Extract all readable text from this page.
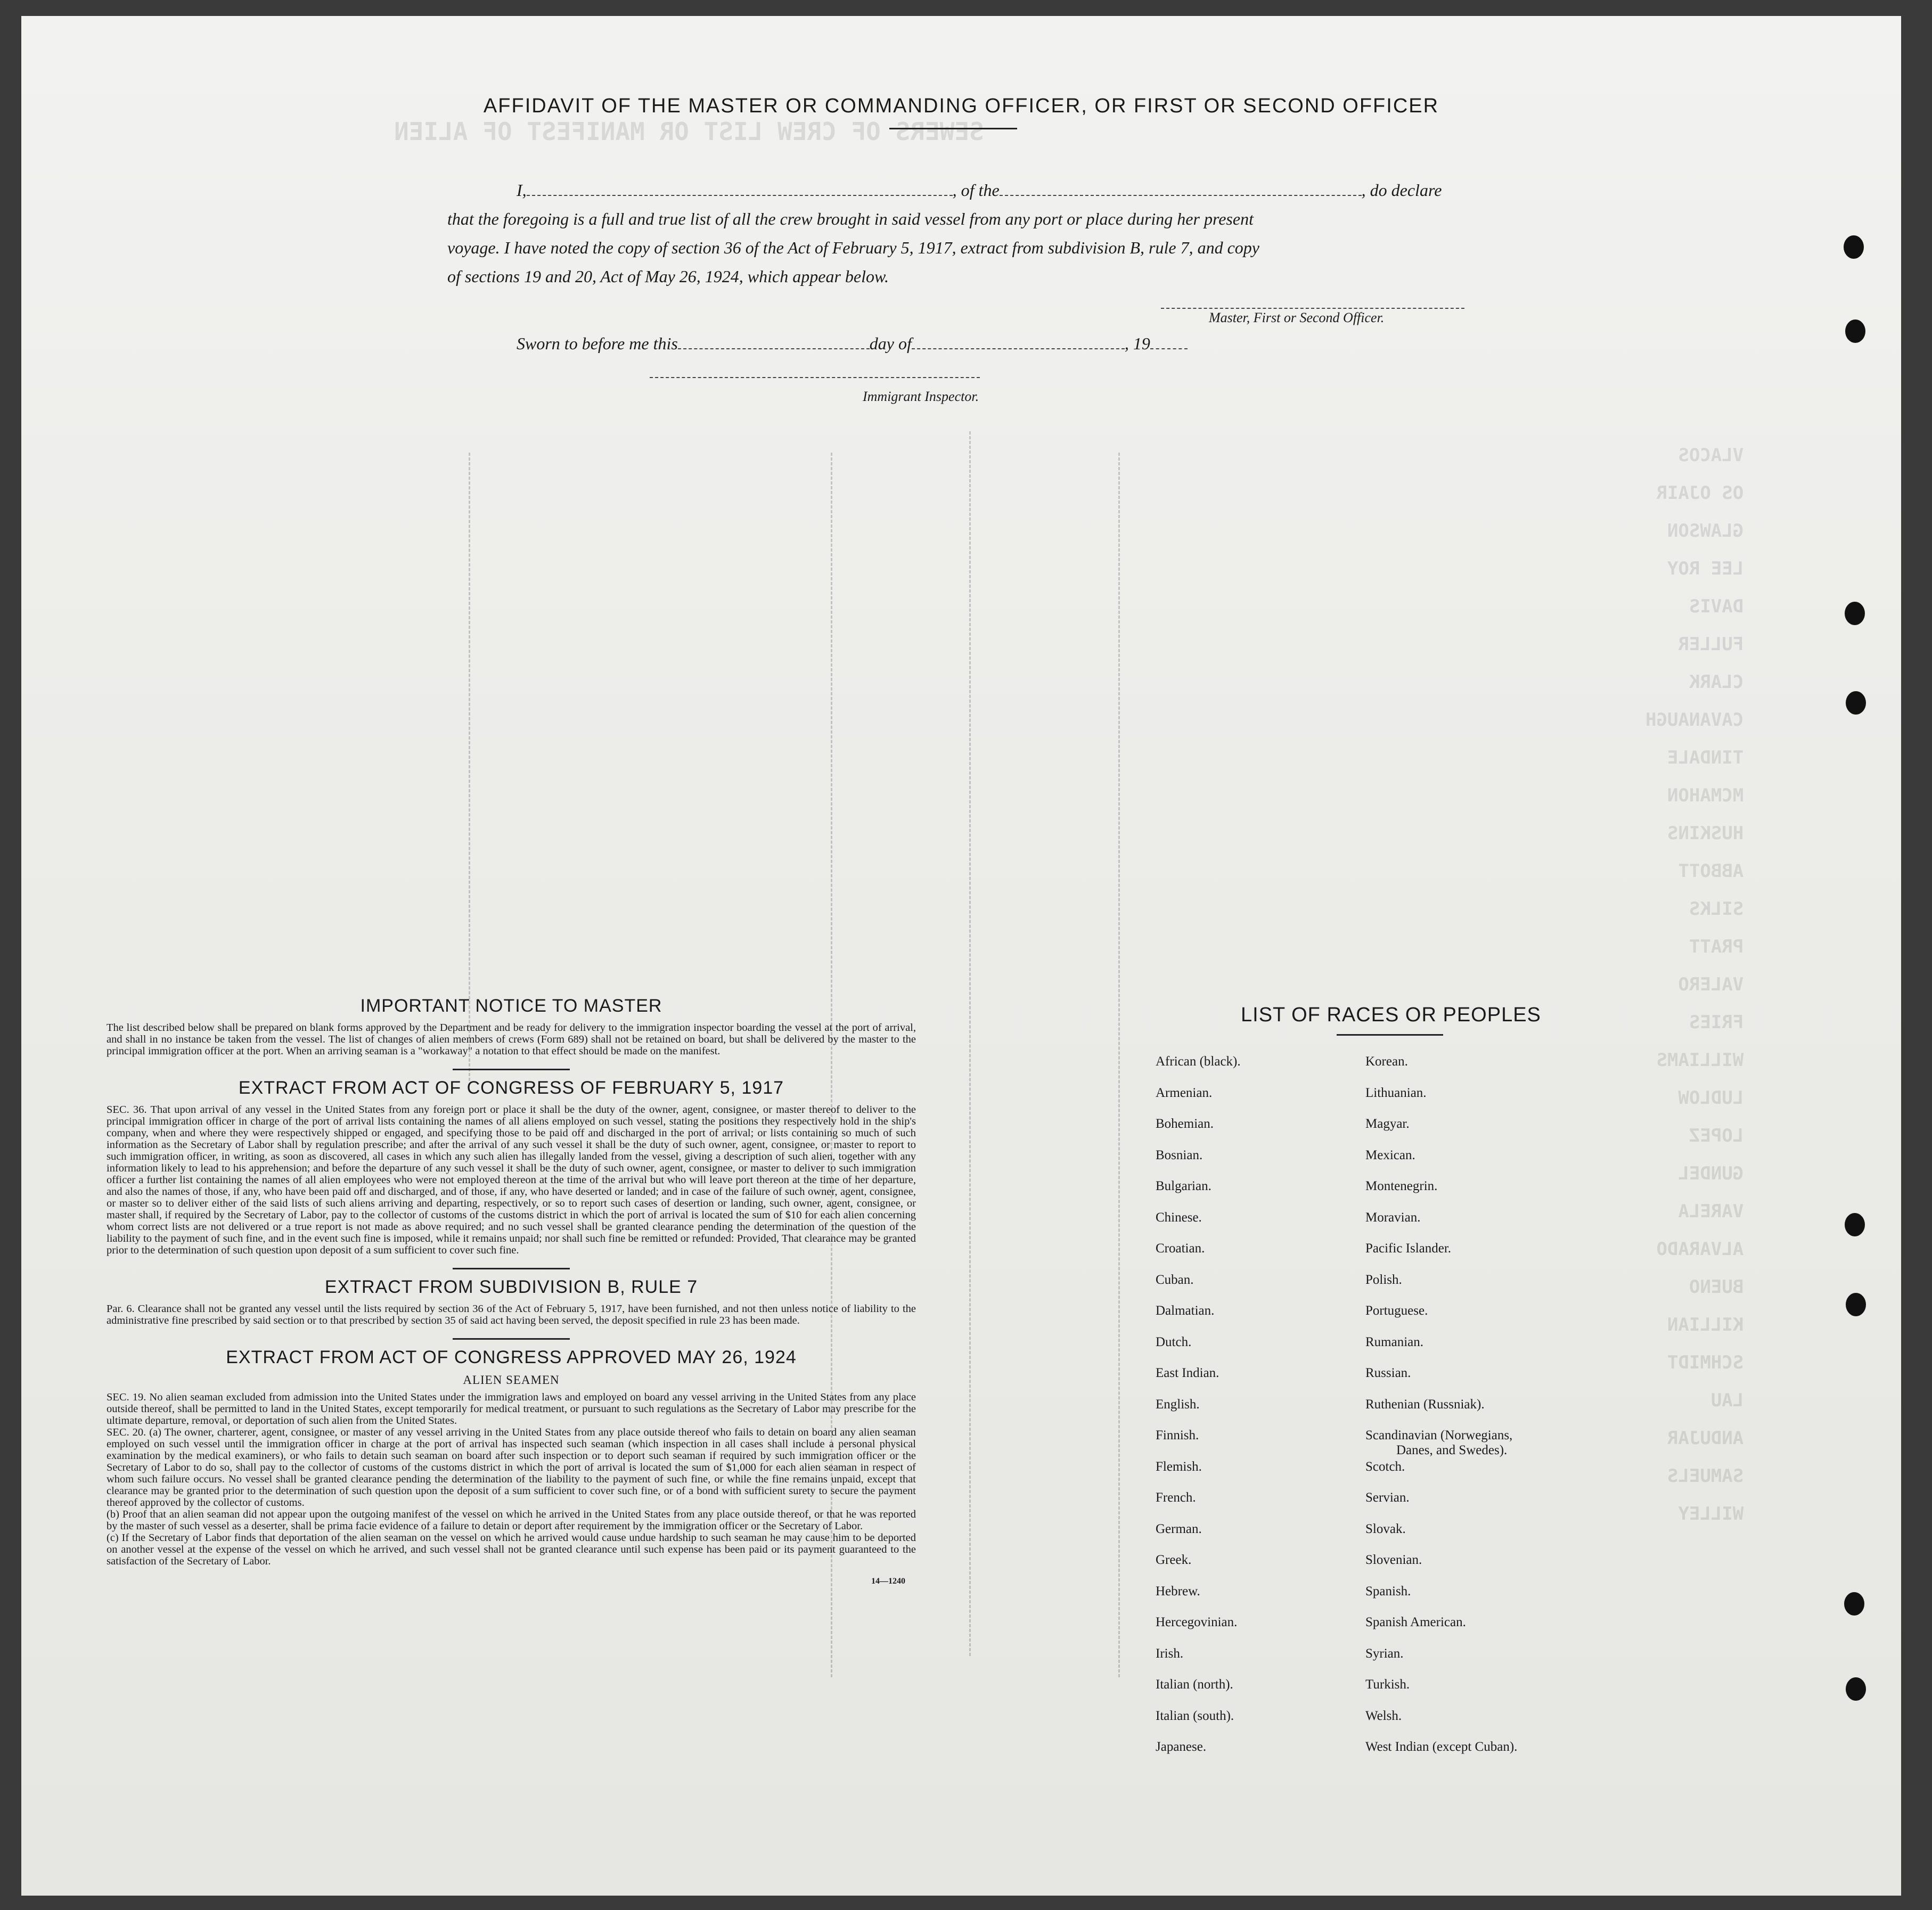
SEWERS OF CREW LIST OR MANIFEST OF ALIEN
VLACOS
OS OJAIR
GLAWSON
LEE ROY
DAVIS
FULLER
CLARK
CAVANAUGH
TINDALE
MCMAHON
HUSKINS
ABBOTT
SILKS
PRATT
VALERO
FRIES
WILLIAMS
LUDLOW
LOPEZ
GUNDEL
VARELA
ALVARADO
BUENO
KILLIAN
SCHMIDT
LAU
ANDUJAR
SAMUELS
WILLEY
AFFIDAVIT OF THE MASTER OR COMMANDING OFFICER, OR FIRST OR SECOND OFFICER
I,	, of the	, do declare
that the foregoing is a full and true list of all the crew brought in said vessel from any port or place during her present
voyage. I have noted the copy of section 36 of the Act of February 5, 1917, extract from subdivision B, rule 7, and copy
of sections 19 and 20, Act of May 26, 1924, which appear below.
Master, First or Second Officer.
Sworn to before me this	day of	, 19
Immigrant Inspector.
IMPORTANT NOTICE TO MASTER

The list described below shall be prepared on blank forms approved by the Department and be ready for delivery to the immigration inspector boarding the vessel at the port of arrival, and shall in no instance be taken from the vessel. The list of changes of alien members of crews (Form 689) shall not be retained on board, but shall be delivered by the master to the principal immigration officer at the port. When an arriving seaman is a "workaway" a notation to that effect should be made on the manifest.

EXTRACT FROM ACT OF CONGRESS OF FEBRUARY 5, 1917

SEC. 36. That upon arrival of any vessel in the United States from any foreign port or place it shall be the duty of the owner, agent, consignee, or master thereof to deliver to the principal immigration officer in charge of the port of arrival lists containing the names of all aliens employed on such vessel, stating the positions they respectively hold in the ship's company, when and where they were respectively shipped or engaged, and specifying those to be paid off and discharged in the port of arrival; or lists containing so much of such information as the Secretary of Labor shall by regulation prescribe; and after the arrival of any such vessel it shall be the duty of such owner, agent, consignee, or master to report to such immigration officer, in writing, as soon as discovered, all cases in which any such alien has illegally landed from the vessel, giving a description of such alien, together with any information likely to lead to his apprehension; and before the departure of any such vessel it shall be the duty of such owner, agent, consignee, or master to deliver to such immigration officer a further list containing the names of all alien employees who were not employed thereon at the time of the arrival but who will leave port thereon at the time of her departure, and also the names of those, if any, who have been paid off and discharged, and of those, if any, who have deserted or landed; and in case of the failure of such owner, agent, consignee, or master so to deliver either of the said lists of such aliens arriving and departing, respectively, or so to report such cases of desertion or landing, such owner, agent, consignee, or master shall, if required by the Secretary of Labor, pay to the collector of customs of the customs district in which the port of arrival is located the sum of $10 for each alien concerning whom correct lists are not delivered or a true report is not made as above required; and no such vessel shall be granted clearance pending the determination of the question of the liability to the payment of such fine, and in the event such fine is imposed, while it remains unpaid; nor shall such fine be remitted or refunded: Provided, That clearance may be granted prior to the determination of such question upon deposit of a sum sufficient to cover such fine.

EXTRACT FROM SUBDIVISION B, RULE 7

Par. 6. Clearance shall not be granted any vessel until the lists required by section 36 of the Act of February 5, 1917, have been furnished, and not then unless notice of liability to the administrative fine prescribed by said section or to that prescribed by section 35 of said act having been served, the deposit specified in rule 23 has been made.

EXTRACT FROM ACT OF CONGRESS APPROVED MAY 26, 1924
ALIEN SEAMEN

SEC. 19. No alien seaman excluded from admission into the United States under the immigration laws and employed on board any vessel arriving in the United States from any place outside thereof, shall be permitted to land in the United States, except temporarily for medical treatment, or pursuant to such regulations as the Secretary of Labor may prescribe for the ultimate departure, removal, or deportation of such alien from the United States.

SEC. 20. (a) The owner, charterer, agent, consignee, or master of any vessel arriving in the United States from any place outside thereof who fails to detain on board any alien seaman employed on such vessel until the immigration officer in charge at the port of arrival has inspected such seaman (which inspection in all cases shall include a personal physical examination by the medical examiners), or who fails to detain such seaman on board after such inspection or to deport such seaman if required by such immigration officer or the Secretary of Labor to do so, shall pay to the collector of customs of the customs district in which the port of arrival is located the sum of $1,000 for each alien seaman in respect of whom such failure occurs. No vessel shall be granted clearance pending the determination of the liability to the payment of such fine, or while the fine remains unpaid, except that clearance may be granted prior to the determination of such question upon the deposit of a sum sufficient to cover such fine, or of a bond with sufficient surety to secure the payment thereof approved by the collector of customs.

(b) Proof that an alien seaman did not appear upon the outgoing manifest of the vessel on which he arrived in the United States from any place outside thereof, or that he was reported by the master of such vessel as a deserter, shall be prima facie evidence of a failure to detain or deport after requirement by the immigration officer or the Secretary of Labor.

(c) If the Secretary of Labor finds that deportation of the alien seaman on the vessel on which he arrived would cause undue hardship to such seaman he may cause him to be deported on another vessel at the expense of the vessel on which he arrived, and such vessel shall not be granted clearance until such expense has been paid or its payment guaranteed to the satisfaction of the Secretary of Labor.

14—1240
LIST OF RACES OR PEOPLES
African (black).
Armenian.
Bohemian.
Bosnian.
Bulgarian.
Chinese.
Croatian.
Cuban.
Dalmatian.
Dutch.
East Indian.
English.
Finnish.
Flemish.
French.
German.
Greek.
Hebrew.
Hercegovinian.
Irish.
Italian (north).
Italian (south).
Japanese.
Korean.
Lithuanian.
Magyar.
Mexican.
Montenegrin.
Moravian.
Pacific Islander.
Polish.
Portuguese.
Rumanian.
Russian.
Ruthenian (Russniak).
Scandinavian (Norwegians,
Danes, and Swedes).
Scotch.
Servian.
Slovak.
Slovenian.
Spanish.
Spanish American.
Syrian.
Turkish.
Welsh.
West Indian (except Cuban).
